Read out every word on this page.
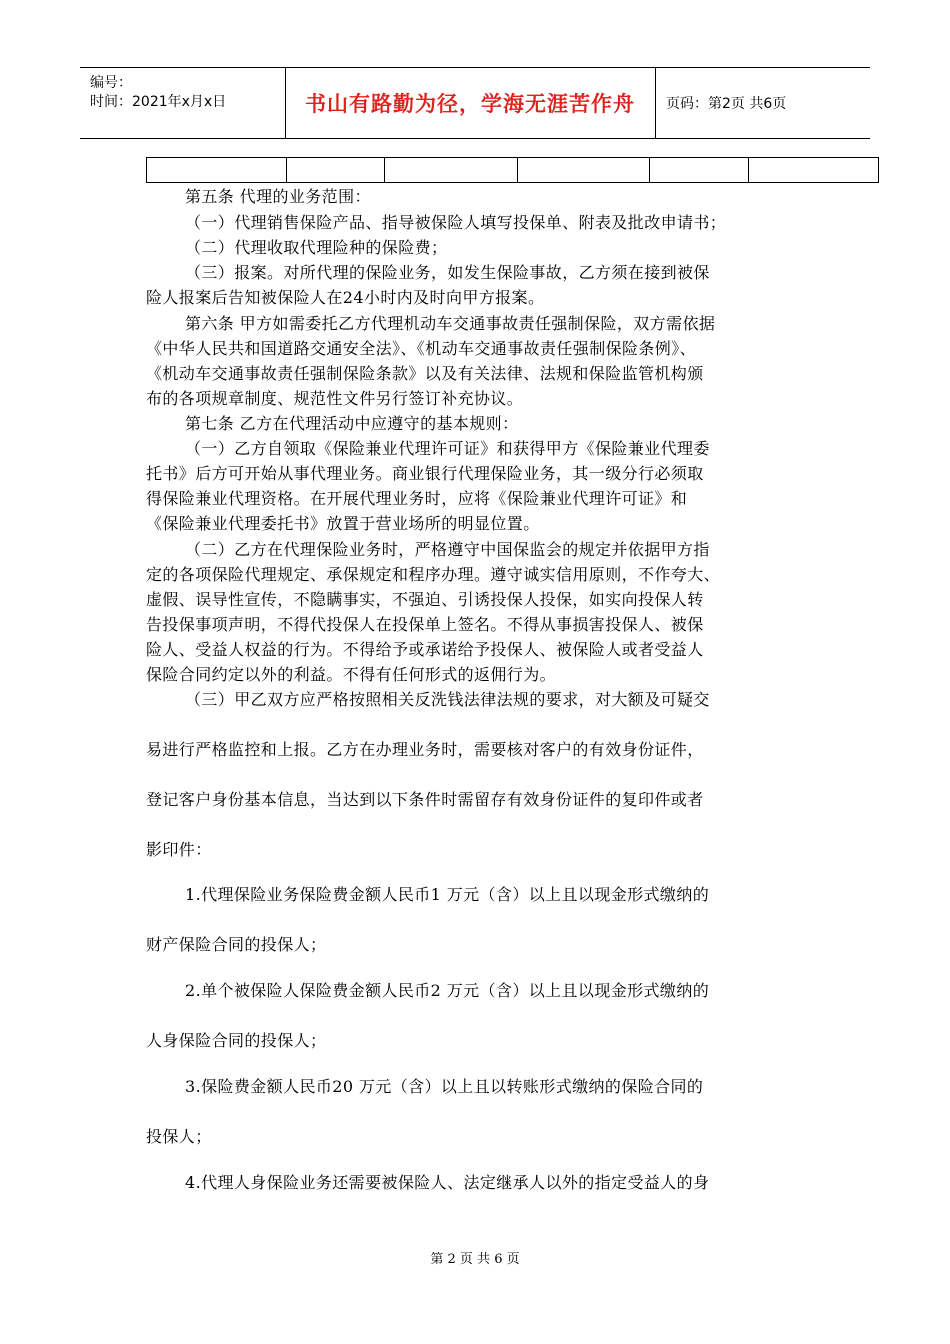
编号：
时间：2021年x月x日	书山有路勤为径，学海无涯苦作舟	页码：第2页 共6页
第五条 代理的业务范围：
（一）代理销售保险产品、指导被保险人填写投保单、附表及批改申请书；
（二）代理收取代理险种的保险费；
（三）报案。对所代理的保险业务，如发生保险事故，乙方须在接到被保
险人报案后告知被保险人在24小时内及时向甲方报案。
第六条 甲方如需委托乙方代理机动车交通事故责任强制保险，双方需依据
《中华人民共和国道路交通安全法》、《机动车交通事故责任强制保险条例》、
《机动车交通事故责任强制保险条款》以及有关法律、法规和保险监管机构颁
布的各项规章制度、规范性文件另行签订补充协议。
第七条 乙方在代理活动中应遵守的基本规则：
（一）乙方自领取《保险兼业代理许可证》和获得甲方《保险兼业代理委
托书》后方可开始从事代理业务。商业银行代理保险业务，其一级分行必须取
得保险兼业代理资格。在开展代理业务时，应将《保险兼业代理许可证》和
《保险兼业代理委托书》放置于营业场所的明显位置。
（二）乙方在代理保险业务时，严格遵守中国保监会的规定并依据甲方指
定的各项保险代理规定、承保规定和程序办理。遵守诚实信用原则，不作夸大、
虚假、误导性宣传，不隐瞒事实，不强迫、引诱投保人投保，如实向投保人转
告投保事项声明，不得代投保人在投保单上签名。不得从事损害投保人、被保
险人、受益人权益的行为。不得给予或承诺给予投保人、被保险人或者受益人
保险合同约定以外的利益。不得有任何形式的返佣行为。
（三）甲乙双方应严格按照相关反洗钱法律法规的要求，对大额及可疑交
易进行严格监控和上报。乙方在办理业务时，需要核对客户的有效身份证件，
登记客户身份基本信息，当达到以下条件时需留存有效身份证件的复印件或者
影印件：
1.代理保险业务保险费金额人民币1 万元（含）以上且以现金形式缴纳的
财产保险合同的投保人；
2.单个被保险人保险费金额人民币2 万元（含）以上且以现金形式缴纳的
人身保险合同的投保人；
3.保险费金额人民币20 万元（含）以上且以转账形式缴纳的保险合同的
投保人；
4.代理人身保险业务还需要被保险人、法定继承人以外的指定受益人的身
第 2 页 共 6 页
